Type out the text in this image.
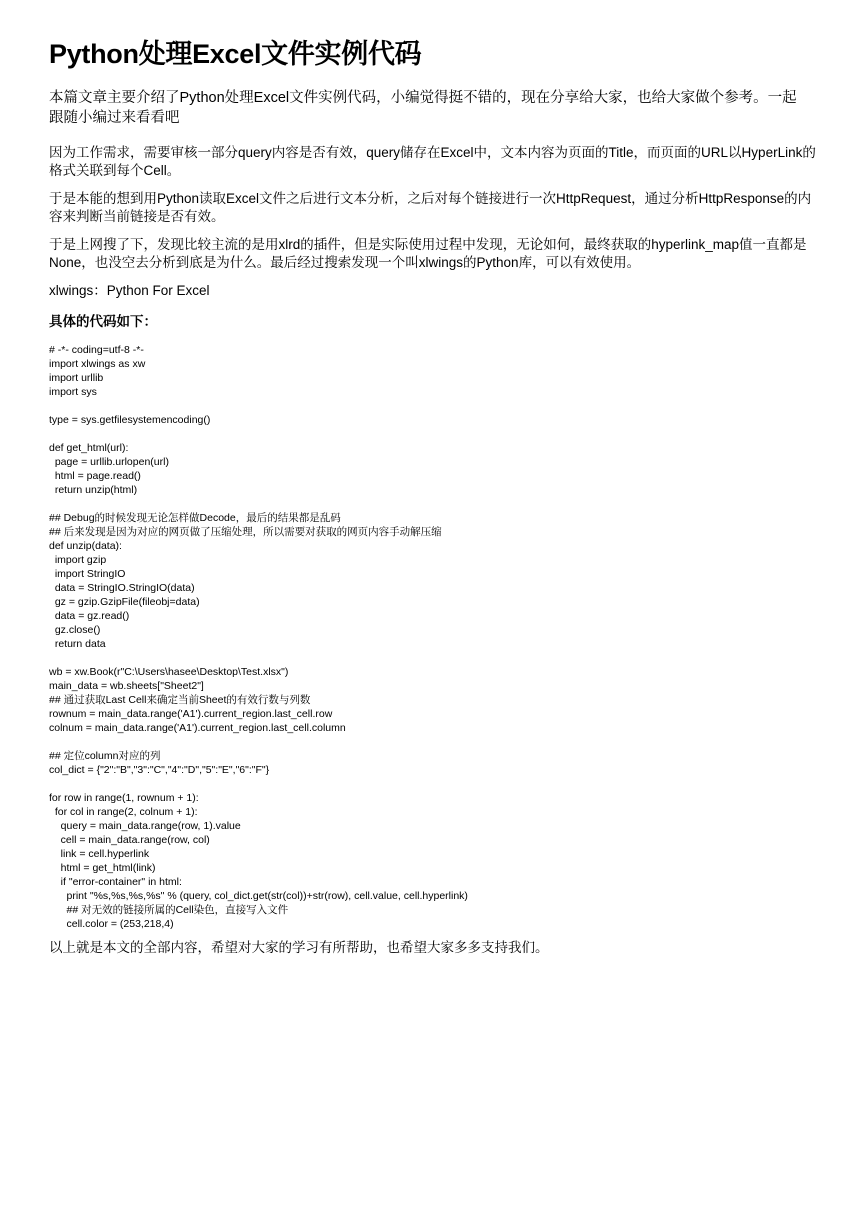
Python处理Excel文件实例代码

本篇文章主要介绍了Python处理Excel文件实例代码，小编觉得挺不错的，现在分享给大家，也给大家做个参考。一起跟随小编过来看看吧

因为工作需求，需要审核一部分query内容是否有效，query储存在Excel中，文本内容为页面的Title，而页面的URL以HyperLink的格式关联到每个Cell。

于是本能的想到用Python读取Excel文件之后进行文本分析，之后对每个链接进行一次HttpRequest，通过分析HttpResponse的内容来判断当前链接是否有效。

于是上网搜了下，发现比较主流的是用xlrd的插件，但是实际使用过程中发现，无论如何，最终获取的hyperlink_map值一直都是None，也没空去分析到底是为什么。最后经过搜索发现一个叫xlwings的Python库，可以有效使用。

xlwings：Python For Excel

具体的代码如下：

# -*- coding=utf-8 -*-
import xlwings as xw
import urllib
import sys
type = sys.getfilesystemencoding()
def get_html(url):
page = urllib.urlopen(url)
html = page.read()
return unzip(html)
## Debug的时候发现无论怎样做Decode，最后的结果都是乱码
## 后来发现是因为对应的网页做了压缩处理，所以需要对获取的网页内容手动解压缩
def unzip(data):
import gzip
import StringIO
data = StringIO.StringIO(data)
gz = gzip.GzipFile(fileobj=data)
data = gz.read()
gz.close()
return data
wb = xw.Book(r"C:\Users\hasee\Desktop\Test.xlsx")
main_data = wb.sheets["Sheet2"]
## 通过获取Last Cell来确定当前Sheet的有效行数与列数
rownum = main_data.range('A1').current_region.last_cell.row
colnum = main_data.range('A1').current_region.last_cell.column
## 定位column对应的列
col_dict = {"2":"B","3":"C","4":"D","5":"E","6":"F"}
for row in range(1, rownum + 1):
for col in range(2, colnum + 1):
query = main_data.range(row, 1).value
cell = main_data.range(row, col)
link = cell.hyperlink
html = get_html(link)
if "error-container" in html:
print "%s,%s,%s,%s" % (query, col_dict.get(str(col))+str(row), cell.value, cell.hyperlink)
## 对无效的链接所属的Cell染色，直接写入文件
cell.color = (253,218,4)

以上就是本文的全部内容，希望对大家的学习有所帮助，也希望大家多多支持我们。
